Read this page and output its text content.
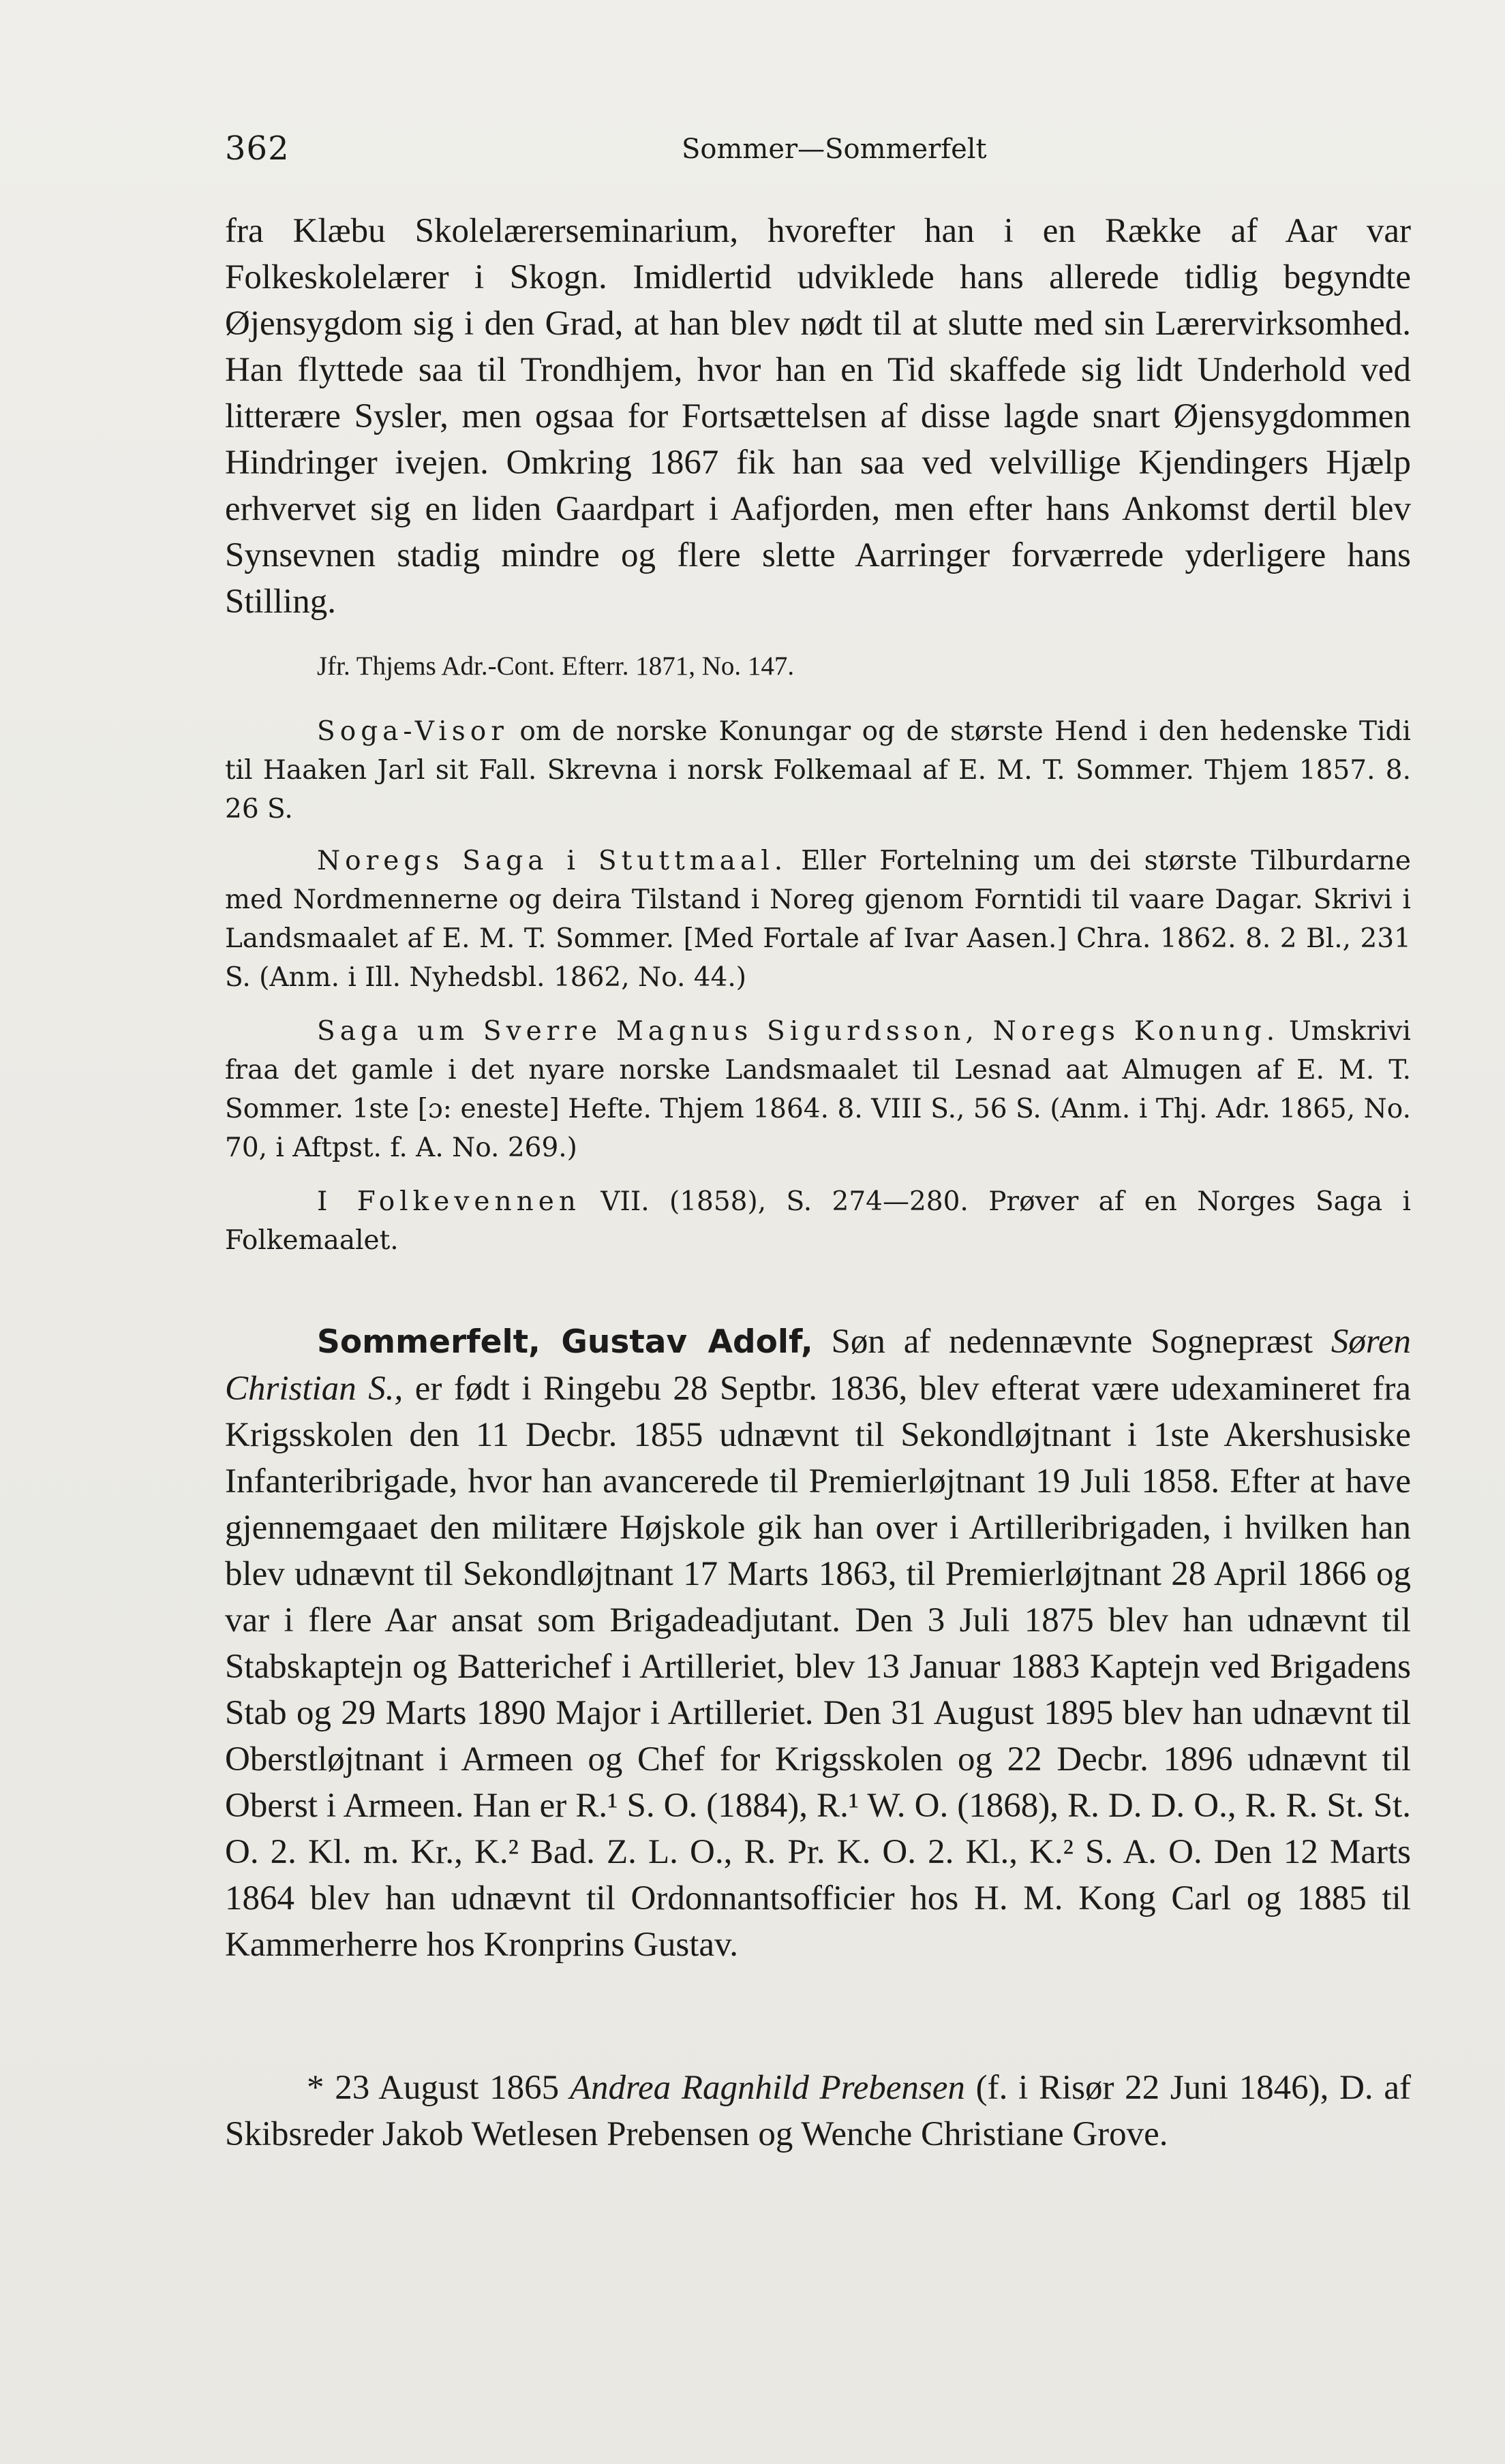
362	Sommer—Sommerfelt

fra Klæbu Skolelærerseminarium, hvorefter han i en Række af Aar var Folkeskolelærer i Skogn. Imidlertid udviklede hans allerede tidlig begyndte Øjensygdom sig i den Grad, at han blev nødt til at slutte med sin Lærervirksomhed. Han flyttede saa til Trondhjem, hvor han en Tid skaffede sig lidt Underhold ved litterære Sysler, men ogsaa for Fortsættelsen af disse lagde snart Øjensygdommen Hindringer ivejen. Omkring 1867 fik han saa ved velvillige Kjendingers Hjælp erhvervet sig en liden Gaardpart i Aafjorden, men efter hans Ankomst dertil blev Synsevnen stadig mindre og flere slette Aarringer forværrede yderligere hans Stilling.

Jfr. Thjems Adr.-Cont. Efterr. 1871, No. 147.

Soga-Visor om de norske Konungar og de største Hend i den hedenske Tidi til Haaken Jarl sit Fall. Skrevna i norsk Folkemaal af E. M. T. Sommer. Thjem 1857. 8. 26 S.

Noregs Saga i Stuttmaal. Eller Fortelning um dei største Tilburdarne med Nordmennerne og deira Tilstand i Noreg gjenom Forntidi til vaare Dagar. Skrivi i Landsmaalet af E. M. T. Sommer. [Med Fortale af Ivar Aasen.] Chra. 1862. 8. 2 Bl., 231 S. (Anm. i Ill. Nyhedsbl. 1862, No. 44.)

Saga um Sverre Magnus Sigurdsson, Noregs Konung. Umskrivi fraa det gamle i det nyare norske Landsmaalet til Lesnad aat Almugen af E. M. T. Sommer. 1ste [ɔ: eneste] Hefte. Thjem 1864. 8. VIII S., 56 S. (Anm. i Thj. Adr. 1865, No. 70, i Aftpst. f. A. No. 269.)

I Folkevennen VII. (1858), S. 274—280. Prøver af en Norges Saga i Folkemaalet.

Sommerfelt, Gustav Adolf, Søn af nedennævnte Sognepræst Søren Christian S., er født i Ringebu 28 Septbr. 1836, blev efterat være udexamineret fra Krigsskolen den 11 Decbr. 1855 udnævnt til Sekondløjtnant i 1ste Akershusiske Infanteribrigade, hvor han avancerede til Premierløjtnant 19 Juli 1858. Efter at have gjennemgaaet den militære Højskole gik han over i Artilleribrigaden, i hvilken han blev udnævnt til Sekondløjtnant 17 Marts 1863, til Premierløjtnant 28 April 1866 og var i flere Aar ansat som Brigadeadjutant. Den 3 Juli 1875 blev han udnævnt til Stabskaptejn og Batterichef i Artilleriet, blev 13 Januar 1883 Kaptejn ved Brigadens Stab og 29 Marts 1890 Major i Artilleriet. Den 31 August 1895 blev han udnævnt til Oberstløjtnant i Armeen og Chef for Krigsskolen og 22 Decbr. 1896 udnævnt til Oberst i Armeen. Han er R.¹ S. O. (1884), R.¹ W. O. (1868), R. D. D. O., R. R. St. St. O. 2. Kl. m. Kr., K.² Bad. Z. L. O., R. Pr. K. O. 2. Kl., K.² S. A. O. Den 12 Marts 1864 blev han udnævnt til Ordonnantsofficier hos H. M. Kong Carl og 1885 til Kammerherre hos Kronprins Gustav.

* 23 August 1865 Andrea Ragnhild Prebensen (f. i Risør 22 Juni 1846), D. af Skibsreder Jakob Wetlesen Prebensen og Wenche Christiane Grove.
